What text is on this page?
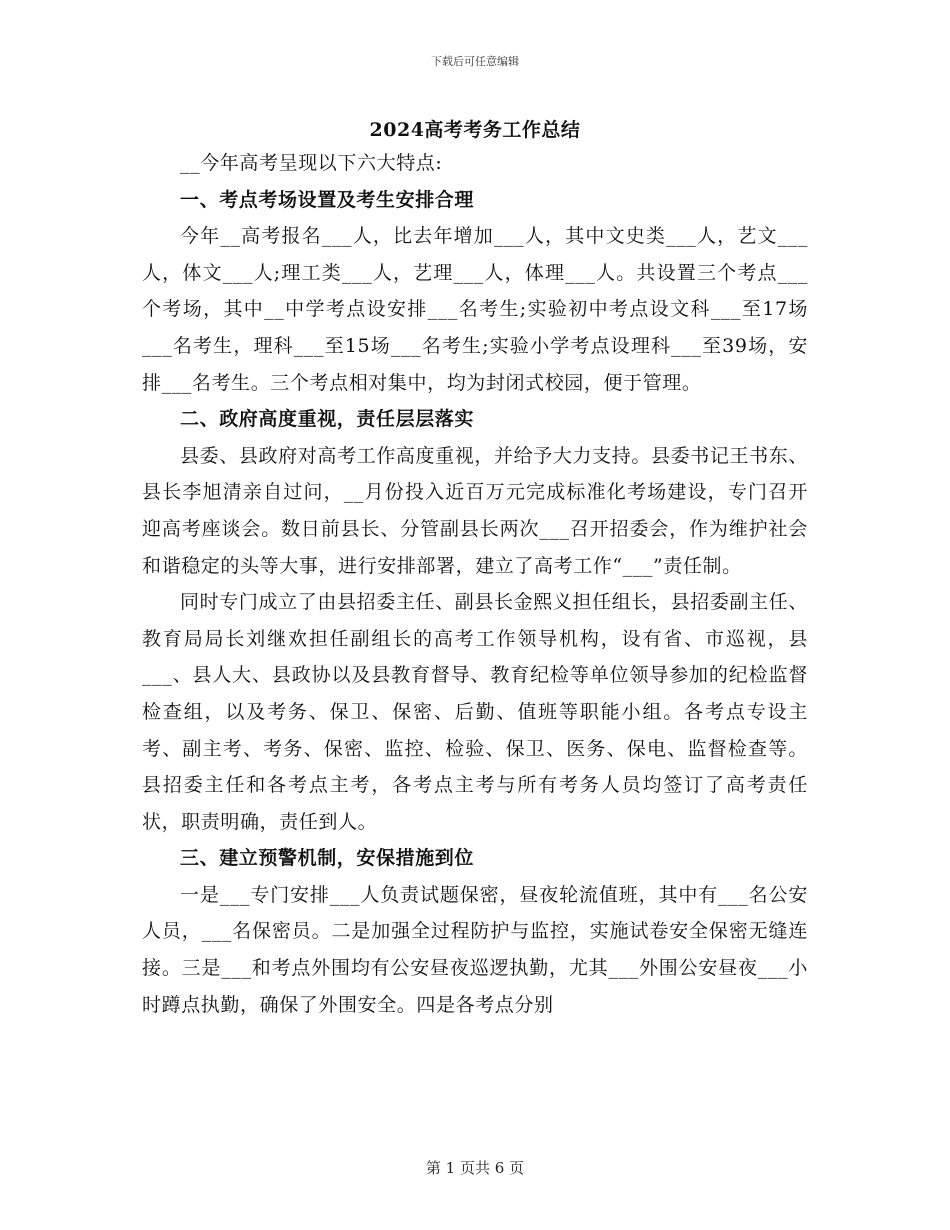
下载后可任意编辑
2024高考考务工作总结

__今年高考呈现以下六大特点:

一、考点考场设置及考生安排合理

今年__高考报名___人，比去年增加___人，其中文史类___人，艺文___人，体文___人;理工类___人，艺理___人，体理___人。共设置三个考点___个考场，其中__中学考点设安排___名考生;实验初中考点设文科___至17场___名考生，理科___至15场___名考生;实验小学考点设理科___至39场，安排___名考生。三个考点相对集中，均为封闭式校园，便于管理。

二、政府高度重视，责任层层落实

县委、县政府对高考工作高度重视，并给予大力支持。县委书记王书东、县长李旭清亲自过问，__月份投入近百万元完成标准化考场建设，专门召开迎高考座谈会。数日前县长、分管副县长两次___召开招委会，作为维护社会和谐稳定的头等大事，进行安排部署，建立了高考工作“___”责任制。

同时专门成立了由县招委主任、副县长金熙义担任组长，县招委副主任、教育局局长刘继欢担任副组长的高考工作领导机构，设有省、市巡视，县___、县人大、县政协以及县教育督导、教育纪检等单位领导参加的纪检监督检查组，以及考务、保卫、保密、后勤、值班等职能小组。各考点专设主考、副主考、考务、保密、监控、检验、保卫、医务、保电、监督检查等。县招委主任和各考点主考，各考点主考与所有考务人员均签订了高考责任状，职责明确，责任到人。

三、建立预警机制，安保措施到位

一是___专门安排___人负责试题保密，昼夜轮流值班，其中有___名公安人员，___名保密员。二是加强全过程防护与监控，实施试卷安全保密无缝连接。三是___和考点外围均有公安昼夜巡逻执勤，尤其___外围公安昼夜___小时蹲点执勤，确保了外围安全。四是各考点分别

第 1 页共 6 页
